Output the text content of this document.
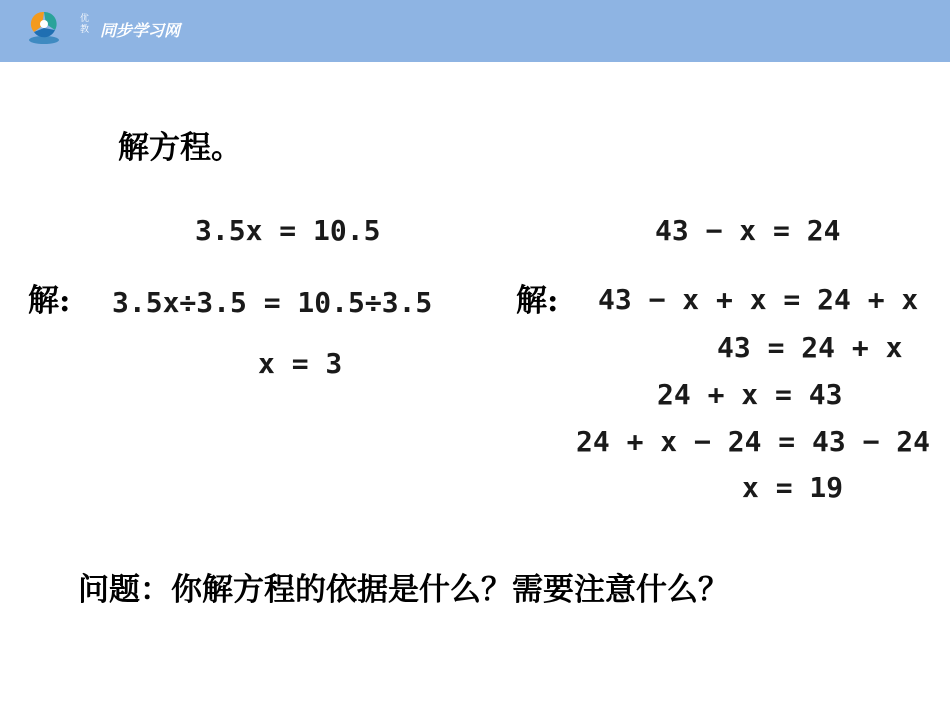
优
教 同步学习网
解方程。
3.5x = 10.5
解: 3.5x÷3.5 = 10.5÷3.5
x = 3
43 − x = 24
解: 43 − x + x = 24 + x
43 = 24 + x
24 + x = 43
24 + x − 24 = 43 − 24
x = 19
问题：你解方程的依据是什么？需要注意什么？
